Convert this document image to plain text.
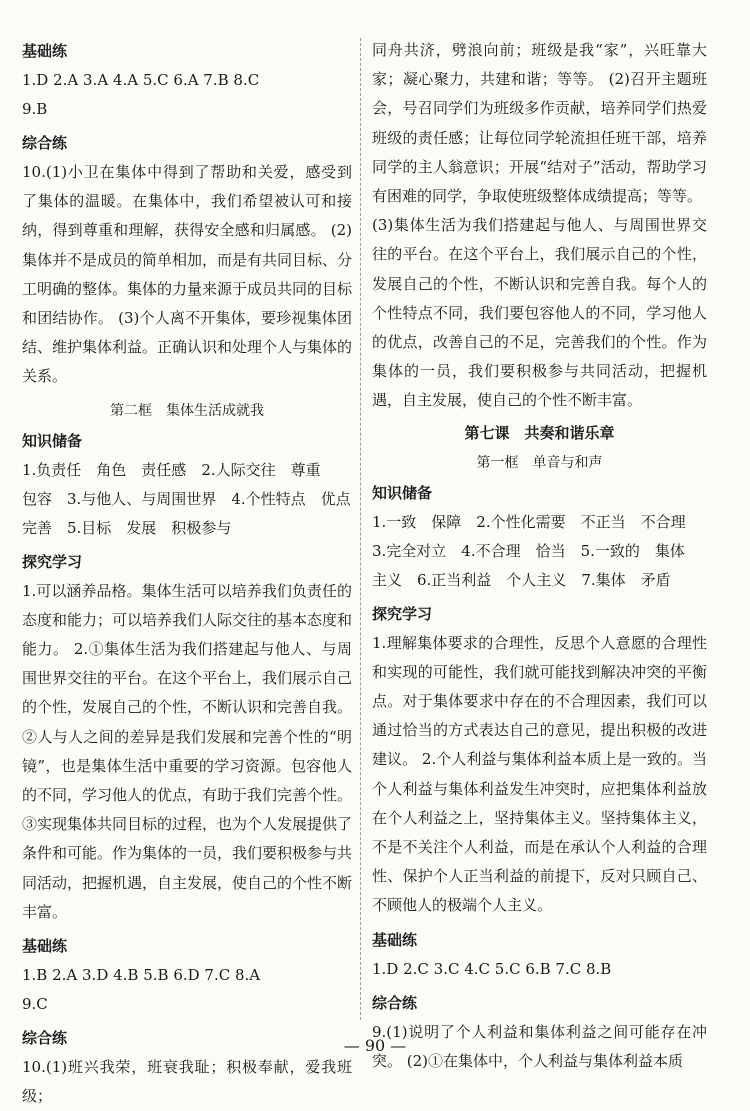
基础练
1.D 2.A 3.A 4.A 5.C 6.A 7.B 8.C
9.B
综合练
10.(1)小卫在集体中得到了帮助和关爱，感受到了集体的温暖。在集体中，我们希望被认可和接纳，得到尊重和理解，获得安全感和归属感。 (2)集体并不是成员的简单相加，而是有共同目标、分工明确的整体。集体的力量来源于成员共同的目标和团结协作。 (3)个人离不开集体，要珍视集体团结、维护集体利益。正确认识和处理个人与集体的关系。
第二框　集体生活成就我
知识储备
1.负责任　角色　责任感　2.人际交往　尊重
包容　3.与他人、与周围世界　4.个性特点　优点
完善　5.目标　发展　积极参与
探究学习
1.可以涵养品格。集体生活可以培养我们负责任的态度和能力；可以培养我们人际交往的基本态度和能力。 2.①集体生活为我们搭建起与他人、与周围世界交往的平台。在这个平台上，我们展示自己的个性，发展自己的个性，不断认识和完善自我。②人与人之间的差异是我们发展和完善个性的“明镜”，也是集体生活中重要的学习资源。包容他人的不同，学习他人的优点，有助于我们完善个性。③实现集体共同目标的过程，也为个人发展提供了条件和可能。作为集体的一员，我们要积极参与共同活动，把握机遇，自主发展，使自己的个性不断丰富。
基础练
1.B 2.A 3.D 4.B 5.B 6.D 7.C 8.A
9.C
综合练
10.(1)班兴我荣，班衰我耻；积极奉献，爱我班级；
同舟共济，劈浪向前；班级是我“家”，兴旺靠大家；凝心聚力，共建和谐；等等。 (2)召开主题班会，号召同学们为班级多作贡献，培养同学们热爱班级的责任感；让每位同学轮流担任班干部，培养同学的主人翁意识；开展“结对子”活动，帮助学习有困难的同学，争取使班级整体成绩提高；等等。
(3)集体生活为我们搭建起与他人、与周围世界交往的平台。在这个平台上，我们展示自己的个性，发展自己的个性，不断认识和完善自我。每个人的个性特点不同，我们要包容他人的不同，学习他人的优点，改善自己的不足，完善我们的个性。作为集体的一员，我们要积极参与共同活动，把握机遇，自主发展，使自己的个性不断丰富。
第七课　共奏和谐乐章
第一框　单音与和声
知识储备
1.一致　保障　2.个性化需要　不正当　不合理
3.完全对立　4.不合理　恰当　5.一致的　集体
主义　6.正当利益　个人主义　7.集体　矛盾
探究学习
1.理解集体要求的合理性，反思个人意愿的合理性和实现的可能性，我们就可能找到解决冲突的平衡点。对于集体要求中存在的不合理因素，我们可以通过恰当的方式表达自己的意见，提出积极的改进建议。 2.个人利益与集体利益本质上是一致的。当个人利益与集体利益发生冲突时，应把集体利益放在个人利益之上，坚持集体主义。坚持集体主义，不是不关注个人利益，而是在承认个人利益的合理性、保护个人正当利益的前提下，反对只顾自己、不顾他人的极端个人主义。
基础练
1.D 2.C 3.C 4.C 5.C 6.B 7.C 8.B
综合练
9.(1)说明了个人利益和集体利益之间可能存在冲突。 (2)①在集体中，个人利益与集体利益本质
— 90 —
